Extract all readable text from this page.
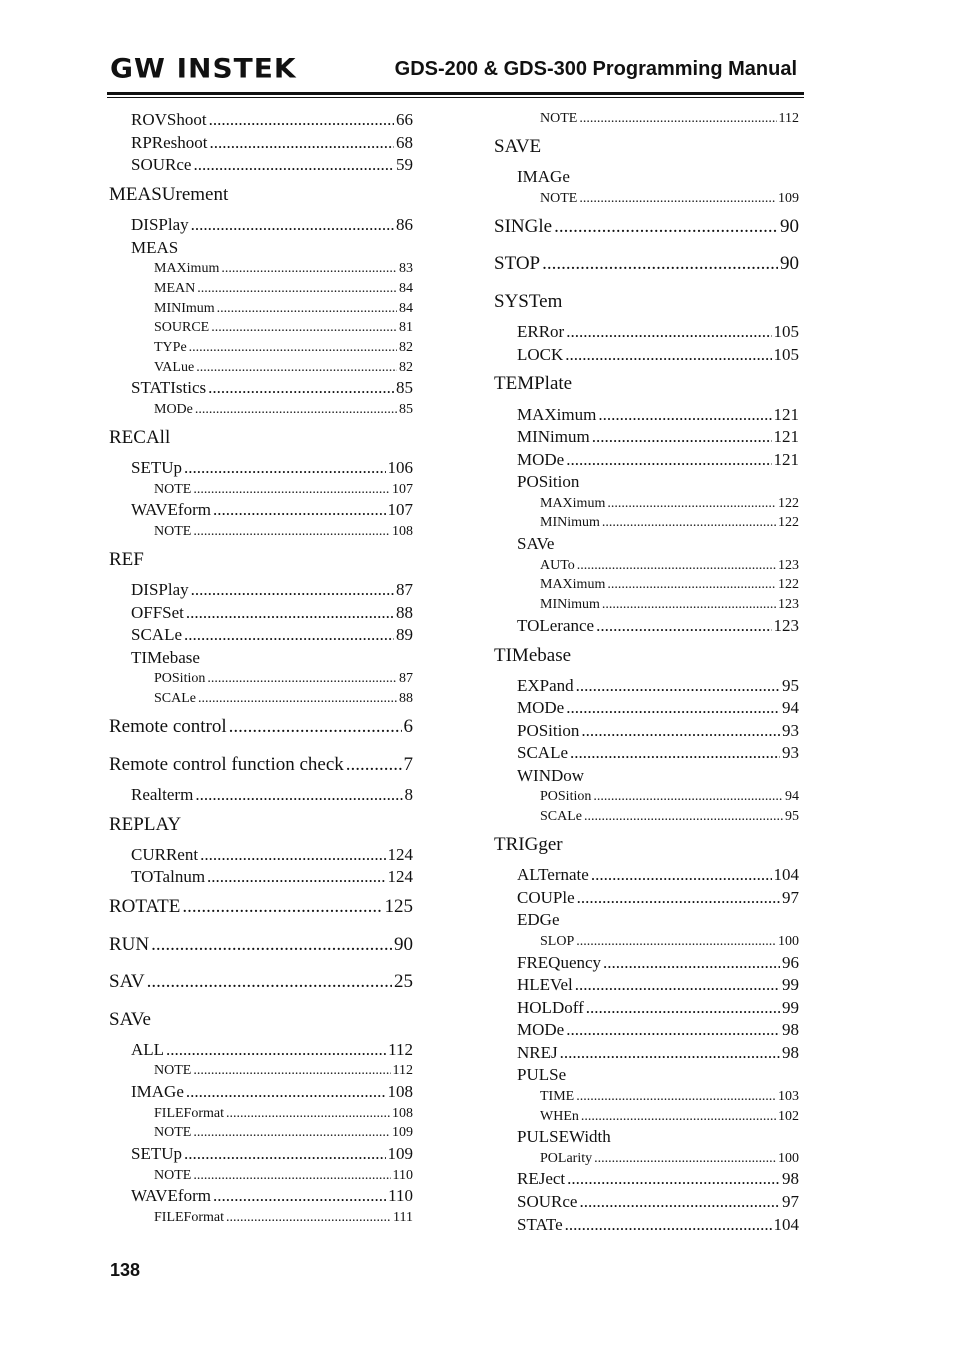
GW INSTEK	GDS-200 & GDS-300 Programming Manual
ROVShoot .....	66
RPReshoot .....	68
SOURce .....	59
MEASUrement
DISPlay .....	86
MEAS
MAXimum .....	83
MEAN .....	84
MINImum .....	84
SOURCE .....	81
TYPe .....	82
VALue .....	82
STATIstics .....	85
MODe .....	85
RECAll
SETUp .....	106
NOTE .....	107
WAVEform .....	107
NOTE .....	108
REF
DISPlay .....	87
OFFSet .....	88
SCALe .....	89
TIMebase
POSition .....	87
SCALe .....	88
Remote control .....	6
Remote control function check .....	7
Realterm .....	8
REPLAY
CURRent .....	124
TOTalnum .....	124
ROTATE .....	125
RUN .....	90
SAV .....	25
SAVe
ALL .....	112
NOTE .....	112
IMAGe .....	108
FILEFormat .....	108
NOTE .....	109
SETUp .....	109
NOTE .....	110
WAVEform .....	110
FILEFormat .....	111
NOTE .....	112
SAVE
IMAGe
NOTE .....	109
SINGle .....	90
STOP .....	90
SYSTem
ERRor .....	105
LOCK .....	105
TEMPlate
MAXimum .....	121
MINimum .....	121
MODe .....	121
POSition
MAXimum .....	122
MINimum .....	122
SAVe
AUTo .....	123
MAXimum .....	122
MINimum .....	123
TOLerance .....	123
TIMebase
EXPand .....	95
MODe .....	94
POSition .....	93
SCALe .....	93
WINDow
POSition .....	94
SCALe .....	95
TRIGger
ALTernate .....	104
COUPle .....	97
EDGe
SLOP .....	100
FREQuency .....	96
HLEVel .....	99
HOLDoff .....	99
MODe .....	98
NREJ .....	98
PULSe
TIME .....	103
WHEn .....	102
PULSEWidth
POLarity .....	100
REJect .....	98
SOURce .....	97
STATe .....	104
138
